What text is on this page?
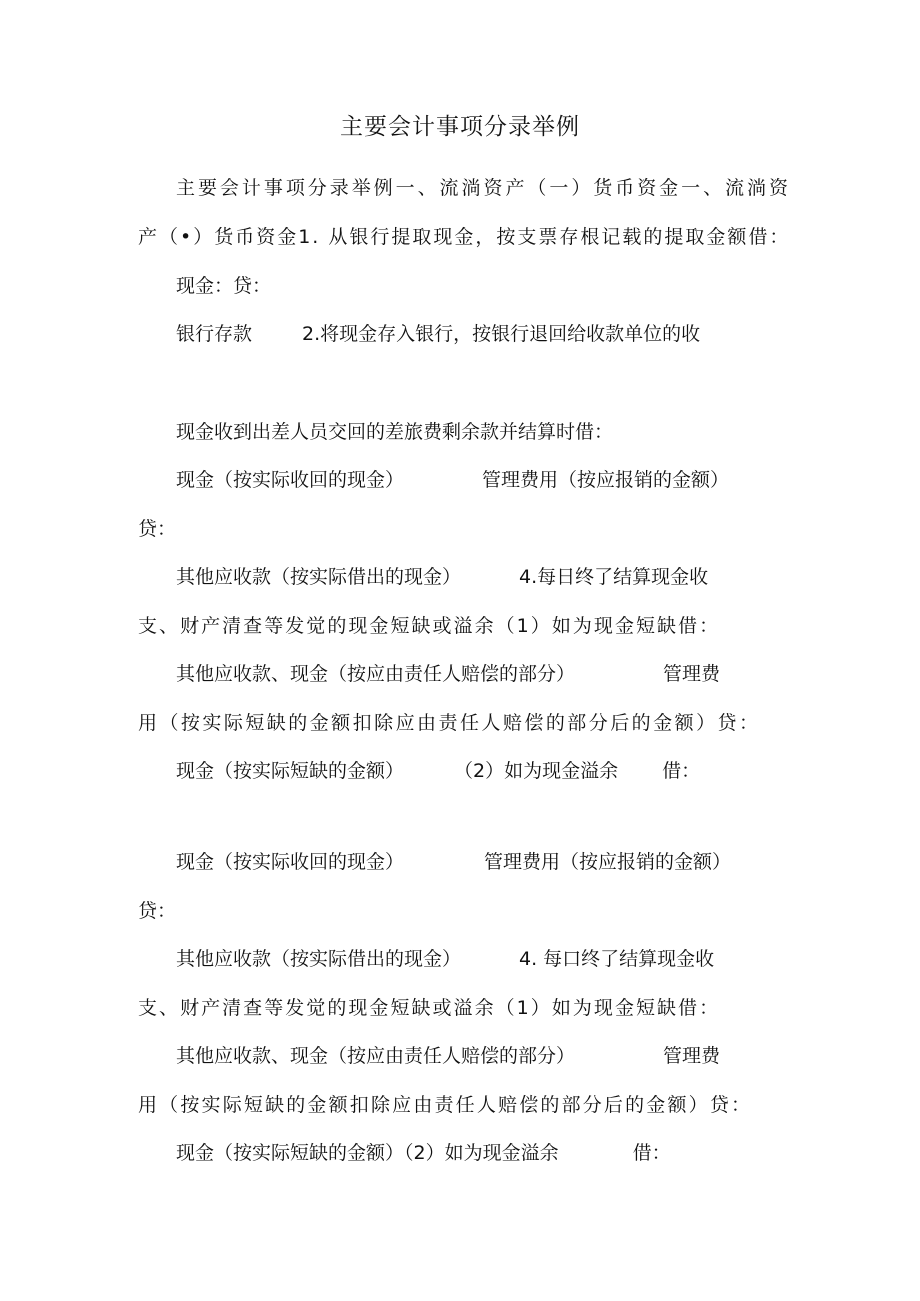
主要会计事项分录举例
主要会计事项分录举例一、流淌资产（一）货币资金一、流淌资
产（•）货币资金1. 从银行提取现金，按支票存根记载的提取金额借：
现金：贷：
银行存款	2.将现金存入银行，按银行退回给收款单位的收
现金收到出差人员交回的差旅费剩余款并结算时借：
现金（按实际收回的现金）	管理费用（按应报销的金额）
贷：
其他应收款（按实际借出的现金）	4.每日终了结算现金收
支、财产清查等发觉的现金短缺或溢余（1）如为现金短缺借：
其他应收款、现金（按应由责任人赔偿的部分）	管理费
用（按实际短缺的金额扣除应由责任人赔偿的部分后的金额）贷：
现金（按实际短缺的金额）	（2）如为现金溢余 借：
现金（按实际收回的现金）	管理费用（按应报销的金额）
贷：
其他应收款（按实际借出的现金）	4. 每口终了结算现金收
支、财产清查等发觉的现金短缺或溢余（1）如为现金短缺借：
其他应收款、现金（按应由责任人赔偿的部分）	管理费
用（按实际短缺的金额扣除应由责任人赔偿的部分后的金额）贷：
现金（按实际短缺的金额）（2）如为现金溢余	借：
